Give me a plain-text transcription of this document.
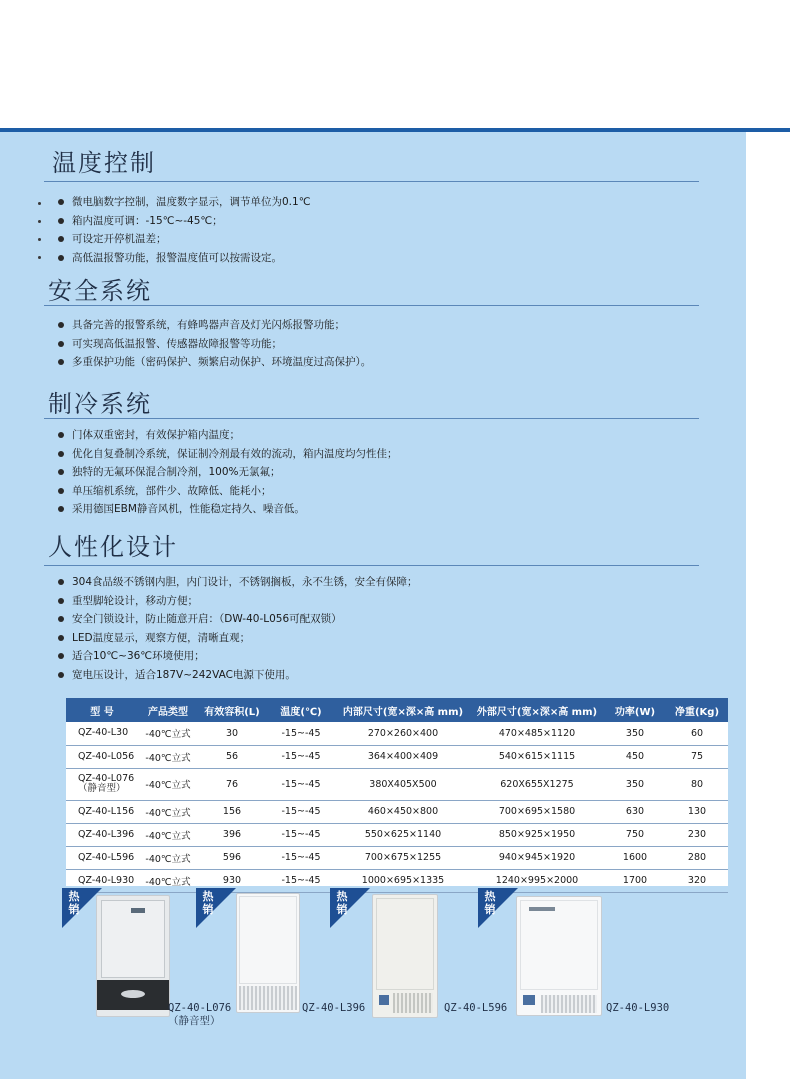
温度控制
微电脑数字控制，温度数字显示，调节单位为0.1℃
箱内温度可调：-15℃~-45℃；
可设定开停机温差；
高低温报警功能，报警温度值可以按需设定。
安全系统
具备完善的报警系统，有蜂鸣器声音及灯光闪烁报警功能；
可实现高低温报警、传感器故障报警等功能；
多重保护功能（密码保护、频繁启动保护、环境温度过高保护）。
制冷系统
门体双重密封，有效保护箱内温度；
优化自复叠制冷系统，保证制冷剂最有效的流动，箱内温度均匀性佳；
独特的无氟环保混合制冷剂，100%无氯氟；
单压缩机系统，部件少、故障低、能耗小；
采用德国EBM静音风机，性能稳定持久、噪音低。
人性化设计
304食品级不锈钢内胆，内门设计，不锈钢搁板，永不生锈，安全有保障；
重型脚轮设计，移动方便；
安全门锁设计，防止随意开启：（DW-40-L056可配双锁）
LED温度显示，观察方便，清晰直观；
适合10℃~36℃环境使用；
宽电压设计，适合187V~242VAC电源下使用。
型 号	产品类型	有效容积(L)	温度(℃)	内部尺寸(宽×深×高 mm)	外部尺寸(宽×深×高 mm)	功率(W)	净重(Kg)
QZ-40-L30	-40℃立式	30	-15~-45	270×260×400	470×485×1120	350	60
QZ-40-L056	-40℃立式	56	-15~-45	364×400×409	540×615×1115	450	75

QZ-40-L076
（静音型）	-40℃立式	76	-15~-45	380X405X500	620X655X1275	350	80
QZ-40-L156	-40℃立式	156	-15~-45	460×450×800	700×695×1580	630	130
QZ-40-L396	-40℃立式	396	-15~-45	550×625×1140	850×925×1950	750	230
QZ-40-L596	-40℃立式	596	-15~-45	700×675×1255	940×945×1920	1600	280
QZ-40-L930	-40℃立式	930	-15~-45	1000×695×1335	1240×995×2000	1700	320
热销
QZ-40-L076
（静音型）
热销
QZ-40-L396
热销
QZ-40-L596
热销
QZ-40-L930
